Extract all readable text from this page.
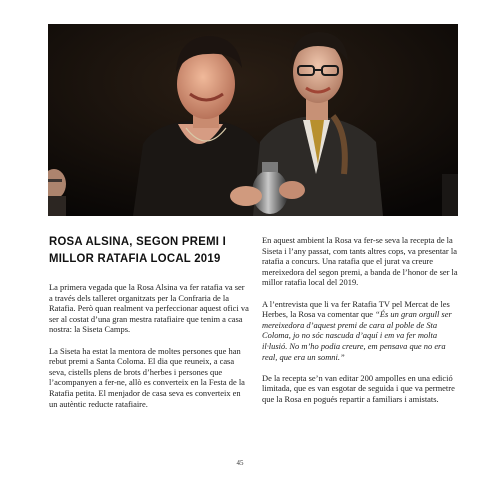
ROSA ALSINA, SEGON PREMI I MILLOR RATAFIA LOCAL 2019

La primera vegada que la Rosa Alsina va fer ratafia va ser a través dels talleret organitzats per la Confraria de la Ratafia. Però quan realment va perfeccionar aquest ofici va ser al costat d’una gran mestra ratafiaire que tenim a casa nostra: la Siseta Camps.

La Siseta ha estat la mentora de moltes persones que han rebut premi a Santa Coloma. El dia que reuneix, a casa seva, cistells plens de brots d’herbes i persones que l’acompanyen a fer-ne, allò es converteix en la Festa de la Ratafia petita. El menjador de casa seva es converteix en un autèntic reducte ratafiaire.

En aquest ambient la Rosa va fer-se seva la recepta de la Siseta i l’any passat, com tants altres cops, va presentar la ratafia a concurs. Una ratafia que el jurat va creure mereixedora del segon premi, a banda de l’honor de ser la millor ratafia local del 2019.

A l’entrevista que li va fer Ratafia TV pel Mercat de les Herbes, la Rosa va comentar que “És un gran orgull ser mereixedora d’aquest premi de cara al poble de Sta Coloma, jo no sóc nascuda d’aquí i em va fer molta il·lusió. No m’ho podia creure, em pensava que no era real, que era un somni.”

De la recepta se’n van editar 200 ampolles en una edició limitada, que es van esgotar de seguida i que va permetre que la Rosa en pogués repartir a familiars i amistats.

45
